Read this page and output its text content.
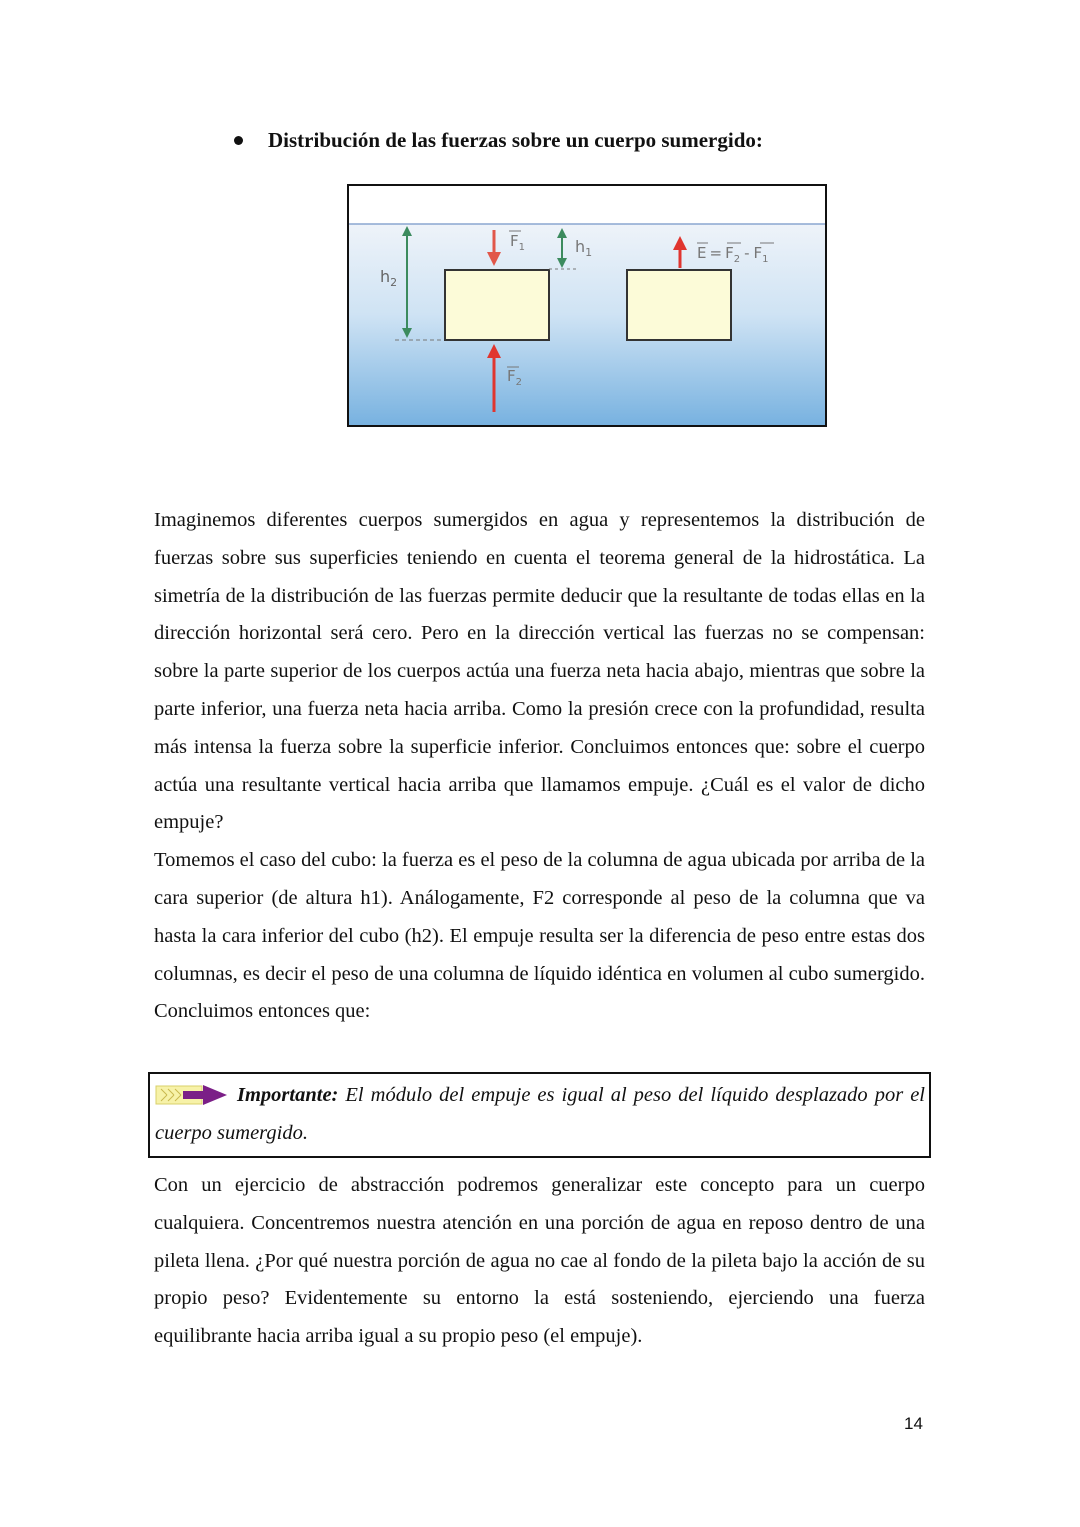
Distribución de las fuerzas sobre un cuerpo sumergido:
$h_2$
$F_1$	$h_1$
$F_2$
$E = F_2 - F_1$

Imaginemos diferentes cuerpos sumergidos en agua y representemos la distribución de fuerzas sobre sus superficies teniendo en cuenta el teorema general de la hidrostática. La simetría de la distribución de las fuerzas permite deducir que la resultante de todas ellas en la dirección horizontal será cero. Pero en la dirección vertical las fuerzas no se compensan: sobre la parte superior de los cuerpos actúa una fuerza neta hacia abajo, mientras que sobre la parte inferior, una fuerza neta hacia arriba. Como la presión crece con la profundidad, resulta más intensa la fuerza sobre la superficie inferior. Concluimos entonces que: sobre el cuerpo actúa una resultante vertical hacia arriba que llamamos empuje. ¿Cuál es el valor de dicho empuje?
Tomemos el caso del cubo: la fuerza es el peso de la columna de agua ubicada por arriba de la cara superior (de altura h1). Análogamente, F2 corresponde al peso de la columna que va hasta la cara inferior del cubo (h2). El empuje resulta ser la diferencia de peso entre estas dos columnas, es decir el peso de una columna de líquido idéntica en volumen al cubo sumergido. Concluimos entonces que:

Importante: El módulo del empuje es igual al peso del líquido desplazado por el cuerpo sumergido.

Con un ejercicio de abstracción podremos generalizar este concepto para un cuerpo cualquiera. Concentremos nuestra atención en una porción de agua en reposo dentro de una pileta llena. ¿Por qué nuestra porción de agua no cae al fondo de la pileta bajo la acción de su propio peso? Evidentemente su entorno la está sosteniendo, ejerciendo una fuerza equilibrante hacia arriba igual a su propio peso (el empuje).

14
